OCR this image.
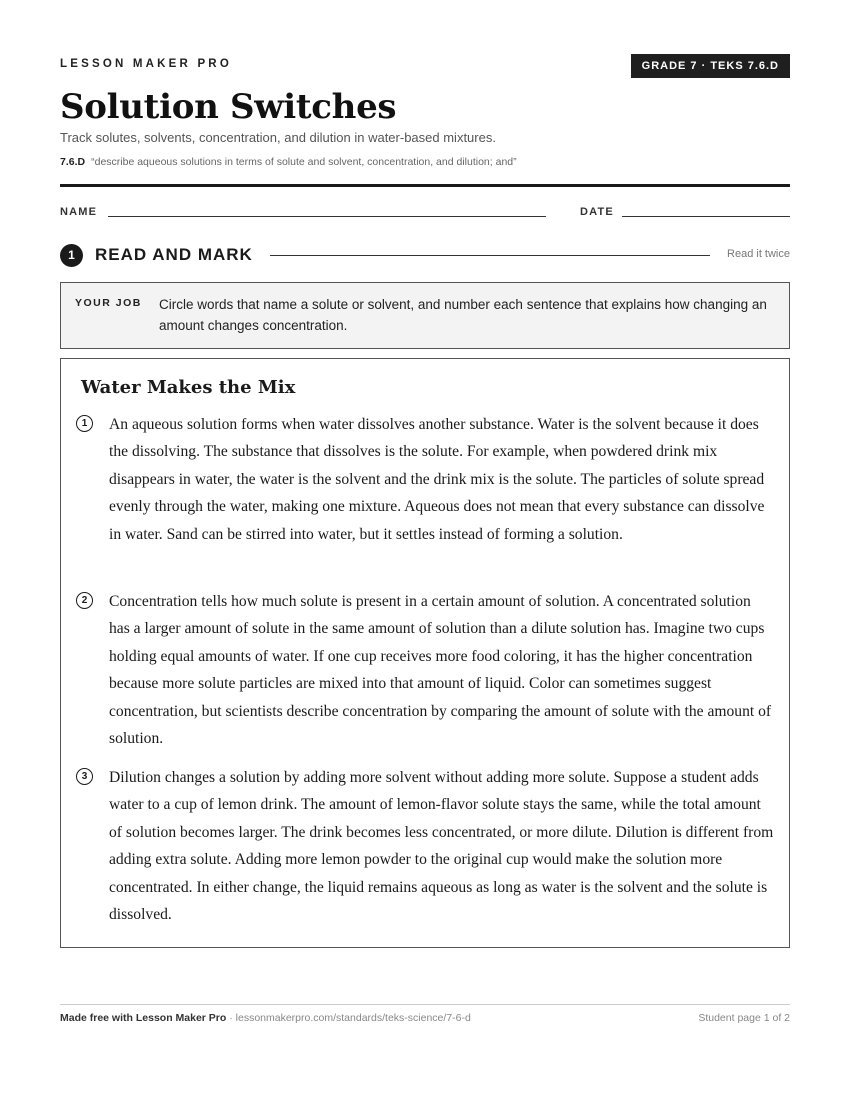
LESSON MAKER PRO	GRADE 7 · TEKS 7.6.D
Solution Switches
Track solutes, solvents, concentration, and dilution in water-based mixtures.
7.6.D “describe aqueous solutions in terms of solute and solvent, concentration, and dilution; and”
NAME	DATE
1	READ AND MARK	Read it twice
YOUR JOB Circle words that name a solute or solvent, and number each sentence that explains how changing an amount changes concentration.
Water Makes the Mix
1	An aqueous solution forms when water dissolves another substance. Water is the solvent because it does the dissolving. The substance that dissolves is the solute. For example, when powdered drink mix disappears in water, the water is the solvent and the drink mix is the solute. The particles of solute spread evenly through the water, making one mixture. Aqueous does not mean that every substance can dissolve in water. Sand can be stirred into water, but it settles instead of forming a solution.

2	Concentration tells how much solute is present in a certain amount of solution. A concentrated solution has a larger amount of solute in the same amount of solution than a dilute solution has. Imagine two cups holding equal amounts of water. If one cup receives more food coloring, it has the higher concentration because more solute particles are mixed into that amount of liquid. Color can sometimes suggest concentration, but scientists describe concentration by comparing the amount of solute with the amount of solution.

3	Dilution changes a solution by adding more solvent without adding more solute. Suppose a student adds water to a cup of lemon drink. The amount of lemon-flavor solute stays the same, while the total amount of solution becomes larger. The drink becomes less concentrated, or more dilute. Dilution is different from adding extra solute. Adding more lemon powder to the original cup would make the solution more concentrated. In either change, the liquid remains aqueous as long as water is the solvent and the solute is dissolved.

Made free with Lesson Maker Pro · lessonmakerpro.com/standards/teks-science/7-6-d	Student page 1 of 2
